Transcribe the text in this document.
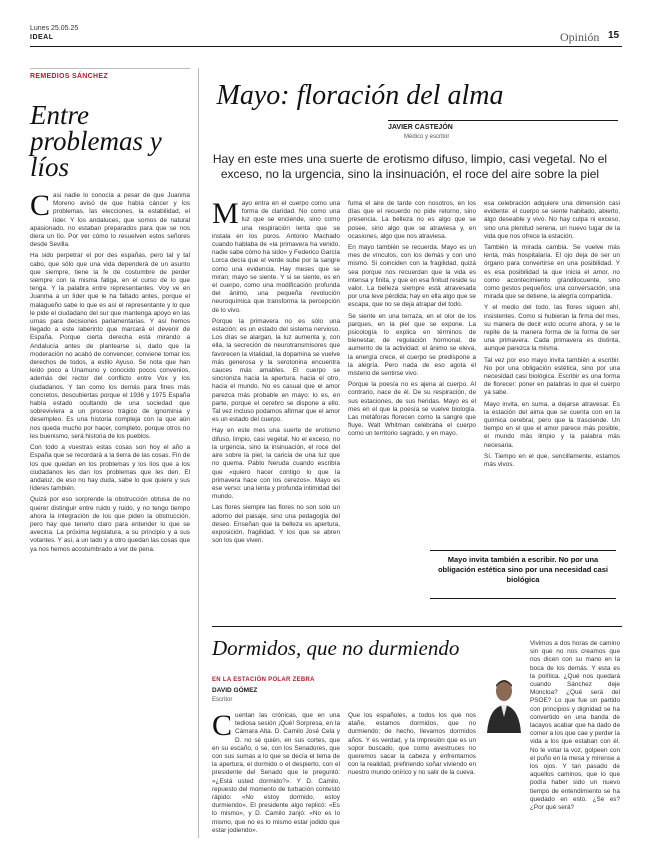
Lunes 25.05.25
IDEAL	Opinión 15
REMEDIOS SÁNCHEZ
Entre problemas y líos
C asi nadie lo conocía a pesar de que Juanma Moreno avisó de que había cáncer y los problemas, las elecciones, la estabilidad, el líder. Y los andaluces, que somos de natural apasionado, no estaban preparados para que se nos diera un lío. Por ver cómo lo resuelven estos señores desde Sevilla.

Ha sido perpetrar el por des españas, pero tal y tal cabo, que sólo que una vida dependerá de un asunto que siempre, tiene la fe de costumbre de perder siempre con la misma fatiga, en el curso de lo que tenga. Y la palabra entre representantes. Voy ve en Juanma a un líder que le ha faltado antes, porque el malagueño sabe lo que es así el representante y lo que le pide el ciudadano del sur que mantenga apoyo en las urnas para decisiones parlamentarias. Y así hemos llegado a este laberinto que marcará el devenir de España. Porque cierta derecha está mirando a Andalucía antes de plantearse si, dado que la moderación no acabó de convencer, conviene tomar los derechos de todos, a estilo Ayuso. Se nota que han leído poco a Unamuno y conocido pocos convenios, además del rector del conflicto entre Vox y los ciudadanos. Y tan como los demás para fines más concretos, descubiertas porque el 1936 y 1975 España había estado ocultando de una sociedad que sobreviviera a un proceso trágico de ignominia y desempleo. Es una historia compleja con la que aún nos queda mucho por hacer, completo, porque otros no les buenismo, será historia de los pueblos.

Con todo a vuestras estas cosas son hoy el año a España que se recordará a la tierra de las cosas. Fin de los que quedan en los problemas y los líos que a los ciudadanos les dan los problemas que les den. El andaluz, de eso no hay duda, sabe lo que quiere y sus líderes también.

Quizá por eso sorprende la obstrucción obtusa de no querer distinguir entre ruido y ruido, y no tengo tiempo ahora la integración de los que piden la obstrucción, pero hay que tenerlo claro para entender lo que se avecina. La próxima legislatura, a su principio y a sus votantes. Y así, a un lado y a otro quedan las cosas que ya nos hemos acostumbrado a ver de pena.

Mayo: floración del alma
JAVIER CASTEJÓN
Médico y escritor
Hay en este mes una suerte de erotismo difuso, limpio, casi vegetal. No el exceso, no la urgencia, sino la insinuación, el roce del aire sobre la piel
M ayo entra en el cuerpo como una forma de claridad. No como una luz que se enciende, sino como una respiración lenta que se instala en los poros. Antonio Machado cuando hablaba de «la primavera ha venido, nadie sabe cómo ha sido» y Federico García Lorca decía que el verde sube por la sangre como una evidencia. Hay meses que se miran; mayo se siente. Y si se siente, es en el cuerpo, como una modificación profunda del ánimo, una pequeña revolución neuroquímica que transforma la percepción de lo vivo.

Porque la primavera no es sólo una estación: es un estado del sistema nervioso. Los días se alargan, la luz aumenta y, con ella, la secreción de neurotransmisores que favorecen la vitalidad, la dopamina se vuelve más generosa y la serotonina encuentra cauces más amables. El cuerpo se sincroniza hacia la apertura, hacia el otro, hacia el mundo. No es casual que el amor parezca más probable en mayo: lo es, en parte, porque el cerebro se dispone a ello. Tal vez incluso podamos afirmar que el amor es un estado del cuerpo.

Hay en este mes una suerte de erotismo difuso, limpio, casi vegetal. No el exceso, no la urgencia, sino la insinuación, el roce del aire sobre la piel, la caricia de una luz que no quema. Pablo Neruda cuando escribía que «quiero hacer contigo lo que la primavera hace con los cerezos». Mayo es ese verso: una lenta y profunda intimidad del mundo.

Las flores siempre las flores no son solo un adorno del paisaje, sino una pedagogía del deseo. Enseñan que la belleza es apertura, exposición, fragilidad. Y los que se abren son los que viven.

fuma el aire de tarde con nosotros, en los días que el recuerdo no pide retorno, sino presencia. La belleza no es algo que se posee, sino algo que se atraviesa y, en ocasiones, algo que nos atraviesa.

En mayo también se recuerda. Mayo es un mes de vínculos, con los demás y con uno mismo. Si coinciden con la fragilidad, quizá sea porque nos recuerdan que la vida es intensa y finita, y que en esa finitud reside su valor. La belleza siempre está atravesada por una leve pérdida; hay en ella algo que se escapa, que no se deja atrapar del todo.

Se siente en una terraza, en el olor de los parques, en la piel que se expone. La psicología lo explica en términos de bienestar, de regulación hormonal, de aumento de la actividad: el ánimo se eleva, la energía crece, el cuerpo se predispone a la alegría. Pero nada de eso agota el misterio de sentirse vivo.

Porque la poesía no es ajena al cuerpo. Al contrario, nace de él. De su respiración, de sus estaciones, de sus heridas. Mayo es el mes en el que la poesía se vuelve biología. Las metáforas florecen como la sangre que fluye. Walt Whitman celebraba el cuerpo como un territorio sagrado, y en mayo.

esa celebración adquiere una dimensión casi evidente: el cuerpo se siente habitado, abierto, algo deseable y vivo. No hay culpa ni exceso, sino una plenitud serena, un nuevo lugar de la vida que nos ofrece la estación.

También la mirada cambia. Se vuelve más lenta, más hospitalaria. El ojo deja de ser un órgano para convertirse en una posibilidad. Y es esa posibilidad la que inicia el amor, no como acontecimiento grandilocuente, sino como gestos pequeños: una conversación, una mirada que se detiene, la alegría compartida.

Y el medio del todo, las flores siguen ahí, insistentes. Como si hubieran la firma del mes, su manera de decir esto ocurre ahora, y se le repite de la manera forma de la forma de ser una primavera. Cada primavera es distinta, aunque parezca la misma.

Tal vez por eso mayo invita también a escribir. No por una obligación estética, sino por una necesidad casi biológica. Escribir es una forma de florecer: poner en palabras lo que el cuerpo ya sabe.

Mayo invita, en suma, a dejarse atravesar. Es la estación del alma que se cuenta con en la química cerebral, pero que la trasciende. Un tiempo en el que el amor parece más posible, el mundo más limpio y la palabra más necesaria.

Sí. Tiempo en el que, sencillamente, estamos más vivos.

Mayo invita también a escribir. No por una obligación estética sino por una necesidad casi biológica
Dormidos, que no durmiendo
EN LA ESTACIÓN POLAR ZEBRA
DAVID GÓMEZ
Escritor
C uentan las crónicas, que en una tediosa sesión ¡Qué! Sorpresa, en la Cámara Alta. D. Camilo José Cela y D. no sé quién, en sus cortes, que en su escaño, o se, con los Senadores, que con sus sumas a lo que se decía el tema de la apertura, el dormido o el despierto, con el presidente del Senado que le preguntó: «¿Está usted dormido?». Y D. Camilo, repuesto del momento de turbación contestó rápido: «No estoy dormido, estoy durmiendo». El presidente algo replicó: «Es lo mismo», y D. Camilo zanjó: «No es lo mismo, que no es lo mismo estar jodido que estar jodiendo».

Que los españoles, a todos los que nos atañe, estamos dormidos, que no durmiendo; de hecho, llevamos dormidos años. Y es verdad, y la impresión que es un sopor buscado, que como avestruces no queremos sacar la cabeza y enfrentarnos con la realidad, prefiriendo soñar viviendo en nuestro mundo onírico y no salir de la cueva.

Vivimos a dos horas de camino sin que no nos creamos que nos dicen con su mano en la boca de los demás. Y esta es la política. ¿Qué nos quedará cuando Sánchez deje Moncloa? ¿Qué será del PSOE? Lo que fue un partido con principios y dignidad se ha convertido en una banda de lacayos acabar que ha dado de comer a los que cae y perder la vida a los que estaban con él. No le votar la voz, golpeen con el puño en la mesa y mírense a los ojos. Y tan pasado de aquellos caminos, que lo que podía haber sido un nuevo tiempo de entendimiento se ha quedado en esto. ¿Se es? ¿Por qué será?
